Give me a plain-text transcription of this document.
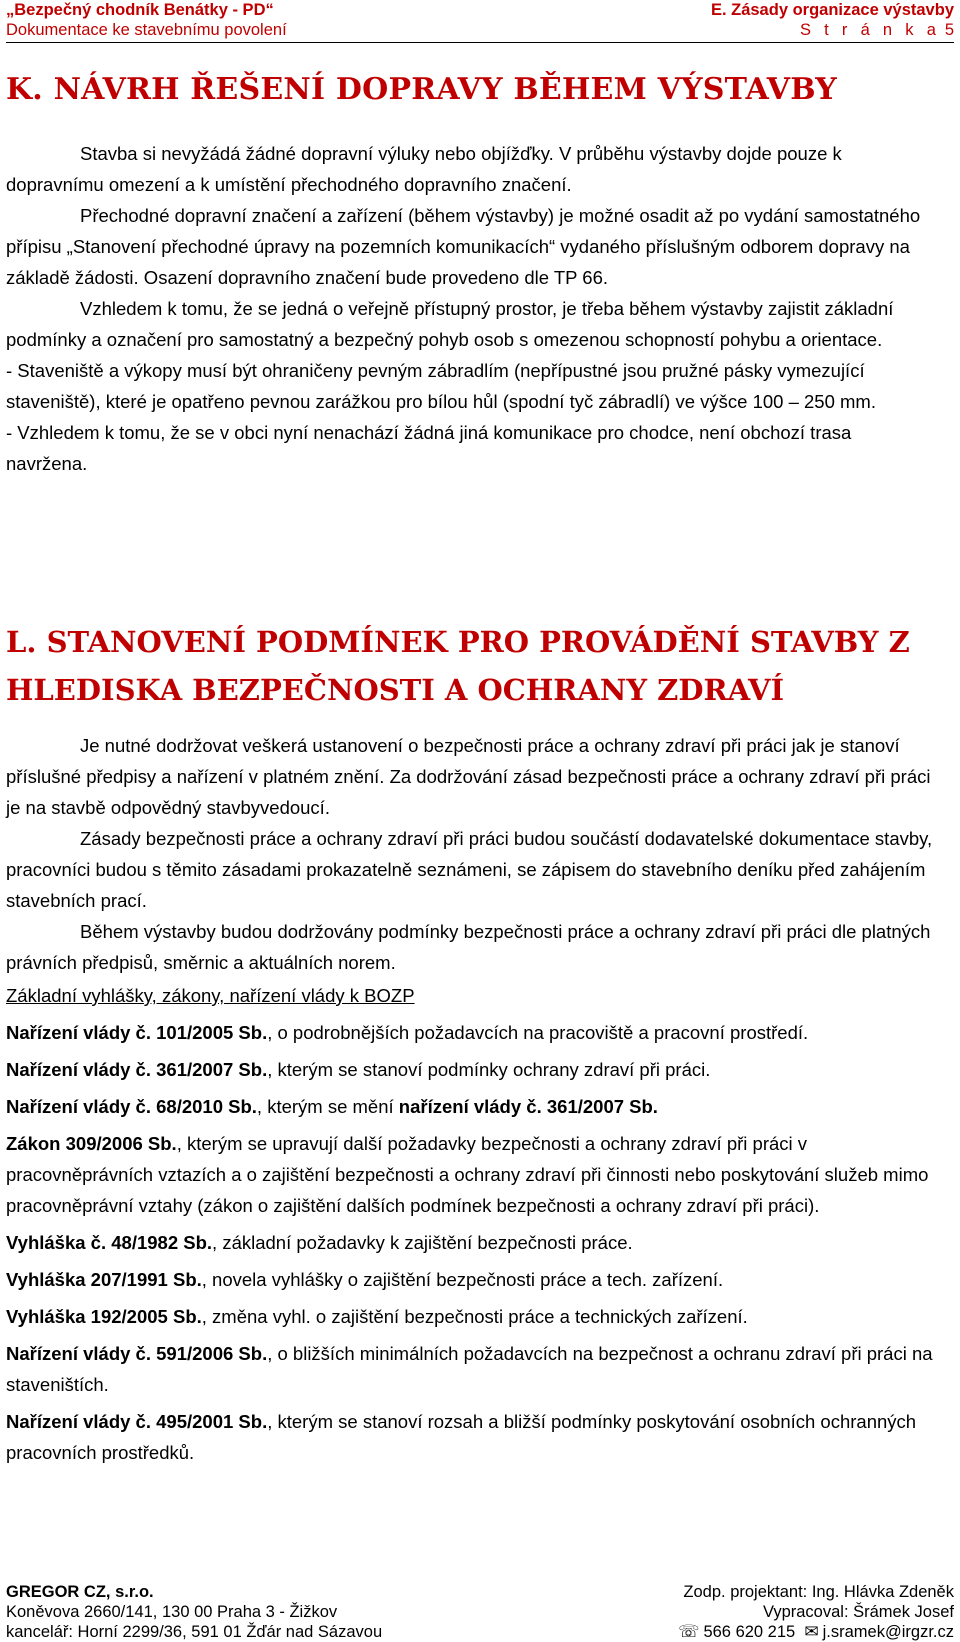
„Bezpečný chodník Benátky - PD“	E. Zásady organizace výstavby
Dokumentace ke stavebnímu povolení	S t r á n k a 5
K. NÁVRH ŘEŠENÍ DOPRAVY BĚHEM VÝSTAVBY

Stavba si nevyžádá žádné dopravní výluky nebo objížďky. V průběhu výstavby dojde pouze k dopravnímu omezení a k umístění přechodného dopravního značení.

Přechodné dopravní značení a zařízení (během výstavby) je možné osadit až po vydání samostatného přípisu „Stanovení přechodné úpravy na pozemních komunikacích“ vydaného příslušným odborem dopravy na základě žádosti. Osazení dopravního značení bude provedeno dle TP 66.

Vzhledem k tomu, že se jedná o veřejně přístupný prostor, je třeba během výstavby zajistit základní podmínky a označení pro samostatný a bezpečný pohyb osob s omezenou schopností pohybu a orientace.

- Staveniště a výkopy musí být ohraničeny pevným zábradlím (nepřípustné jsou pružné pásky vymezující staveniště), které je opatřeno pevnou zarážkou pro bílou hůl (spodní tyč zábradlí) ve výšce 100 – 250 mm.

- Vzhledem k tomu, že se v obci nyní nenachází žádná jiná komunikace pro chodce, není obchozí trasa navržena.

L. STANOVENÍ PODMÍNEK PRO PROVÁDĚNÍ STAVBY Z HLEDISKA BEZPEČNOSTI A OCHRANY ZDRAVÍ

Je nutné dodržovat veškerá ustanovení o bezpečnosti práce a ochrany zdraví při práci jak je stanoví příslušné předpisy a nařízení v platném znění. Za dodržování zásad bezpečnosti práce a ochrany zdraví při práci je na stavbě odpovědný stavbyvedoucí.

Zásady bezpečnosti práce a ochrany zdraví při práci budou součástí dodavatelské dokumentace stavby, pracovníci budou s těmito zásadami prokazatelně seznámeni, se zápisem do stavebního deníku před zahájením stavebních prací.

Během výstavby budou dodržovány podmínky bezpečnosti práce a ochrany zdraví při práci dle platných právních předpisů, směrnic a aktuálních norem.

Základní vyhlášky, zákony, nařízení vlády k BOZP

Nařízení vlády č. 101/2005 Sb., o podrobnějších požadavcích na pracoviště a pracovní prostředí.

Nařízení vlády č. 361/2007 Sb., kterým se stanoví podmínky ochrany zdraví při práci.

Nařízení vlády č. 68/2010 Sb., kterým se mění nařízení vlády č. 361/2007 Sb.

Zákon 309/2006 Sb., kterým se upravují další požadavky bezpečnosti a ochrany zdraví při práci v pracovněprávních vztazích a o zajištění bezpečnosti a ochrany zdraví při činnosti nebo poskytování služeb mimo pracovněprávní vztahy (zákon o zajištění dalších podmínek bezpečnosti a ochrany zdraví při práci).

Vyhláška č. 48/1982 Sb., základní požadavky k zajištění bezpečnosti práce.

Vyhláška 207/1991 Sb., novela vyhlášky o zajištění bezpečnosti práce a tech. zařízení.

Vyhláška 192/2005 Sb., změna vyhl. o zajištění bezpečnosti práce a technických zařízení.

Nařízení vlády č. 591/2006 Sb., o bližších minimálních požadavcích na bezpečnost a ochranu zdraví při práci na staveništích.

Nařízení vlády č. 495/2001 Sb., kterým se stanoví rozsah a bližší podmínky poskytování osobních ochranných pracovních prostředků.

GREGOR CZ, s.r.o.	Zodp. projektant: Ing. Hlávka Zdeněk
Koněvova 2660/141, 130 00 Praha 3 - Žižkov	Vypracoval: Šrámek Josef
kancelář: Horní 2299/36, 591 01 Žďár nad Sázavou	☏ 566 620 215 ✉ j.sramek@irgzr.cz
